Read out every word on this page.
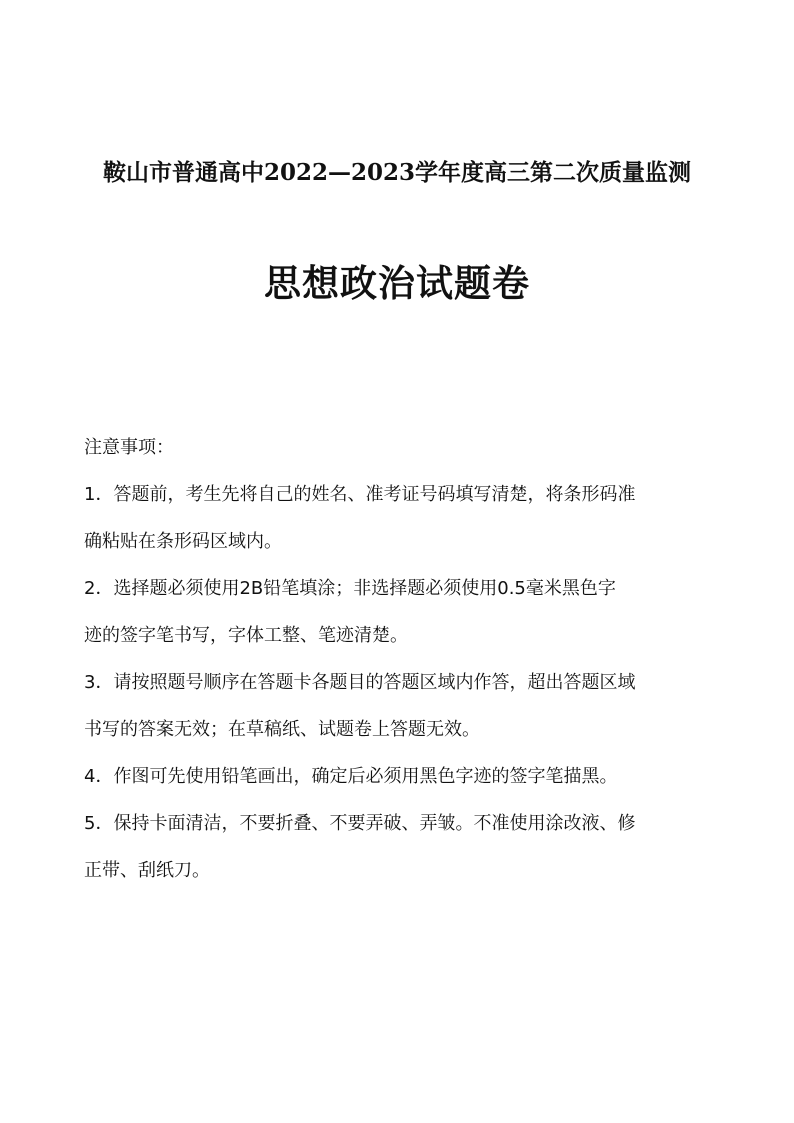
鞍山市普通高中2022—2023学年度高三第二次质量监测
思想政治试题卷
注意事项：
1．答题前，考生先将自己的姓名、准考证号码填写清楚，将条形码准
确粘贴在条形码区域内。
2．选择题必须使用2B铅笔填涂；非选择题必须使用0.5毫米黑色字
迹的签字笔书写，字体工整、笔迹清楚。
3．请按照题号顺序在答题卡各题目的答题区域内作答，超出答题区域
书写的答案无效；在草稿纸、试题卷上答题无效。
4．作图可先使用铅笔画出，确定后必须用黑色字迹的签字笔描黑。
5．保持卡面清洁，不要折叠、不要弄破、弄皱。不准使用涂改液、修
正带、刮纸刀。
